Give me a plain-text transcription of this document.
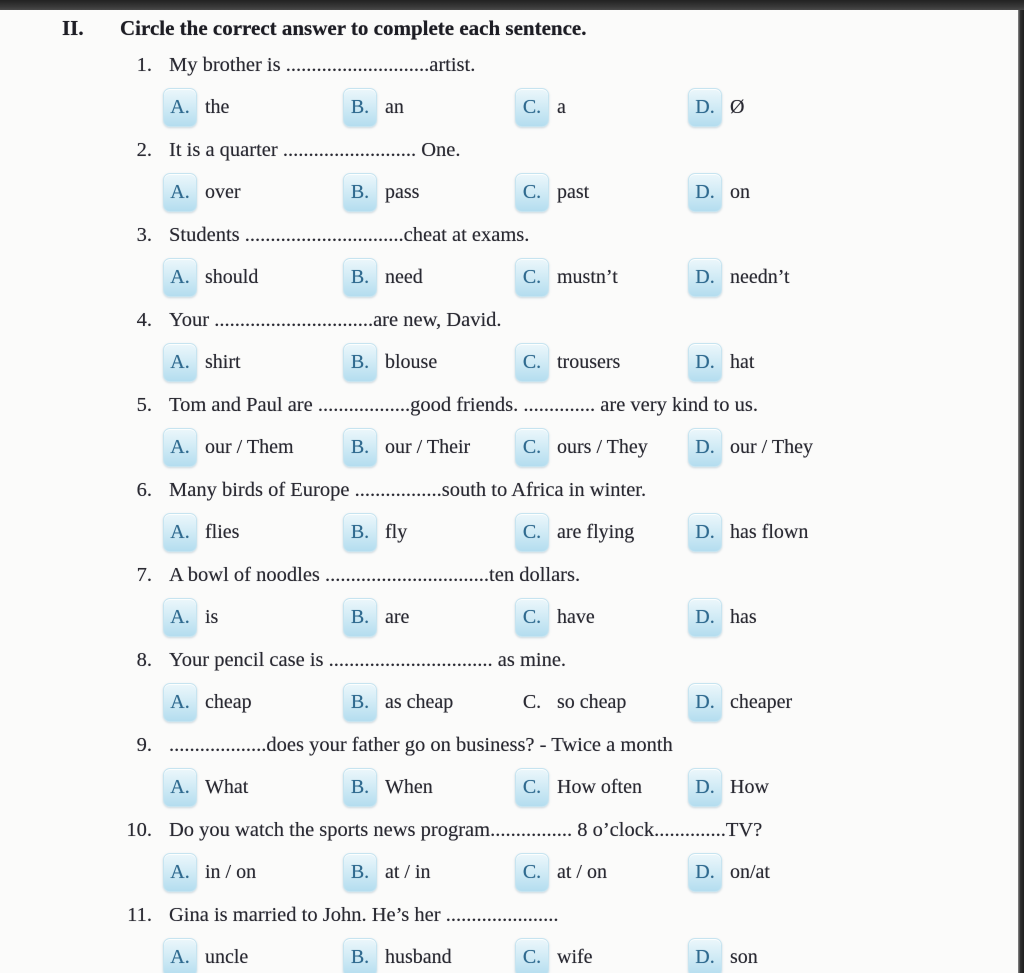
II.	Circle the correct answer to complete each sentence.
1. My brother is ............................artist.
A. the	B. an	C. a	D. Ø
2. It is a quarter .......................... One.
A. over	B. pass	C. past	D. on
3. Students ...............................cheat at exams.
A. should	B. need	C. mustn’t	D. needn’t
4. Your ...............................are new, David.
A. shirt	B. blouse	C. trousers	D. hat
5. Tom and Paul are ..................good friends. .............. are very kind to us.
A. our / Them	B. our / Their	C. ours / They	D. our / They
6. Many birds of Europe .................south to Africa in winter.
A. flies	B. fly	C. are flying	D. has flown
7. A bowl of noodles ................................ten dollars.
A. is	B. are	C. have	D. has
8. Your pencil case is ................................ as mine.
A. cheap	B. as cheap	C. so cheap	D. cheaper
9. ...................does your father go on business? - Twice a month
A. What	B. When	C. How often	D. How
10. Do you watch the sports news program................ 8 o’clock..............TV?
A. in / on	B. at / in	C. at / on	D. on/at
11. Gina is married to John. He’s her ......................
A. uncle	B. husband	C. wife	D. son
